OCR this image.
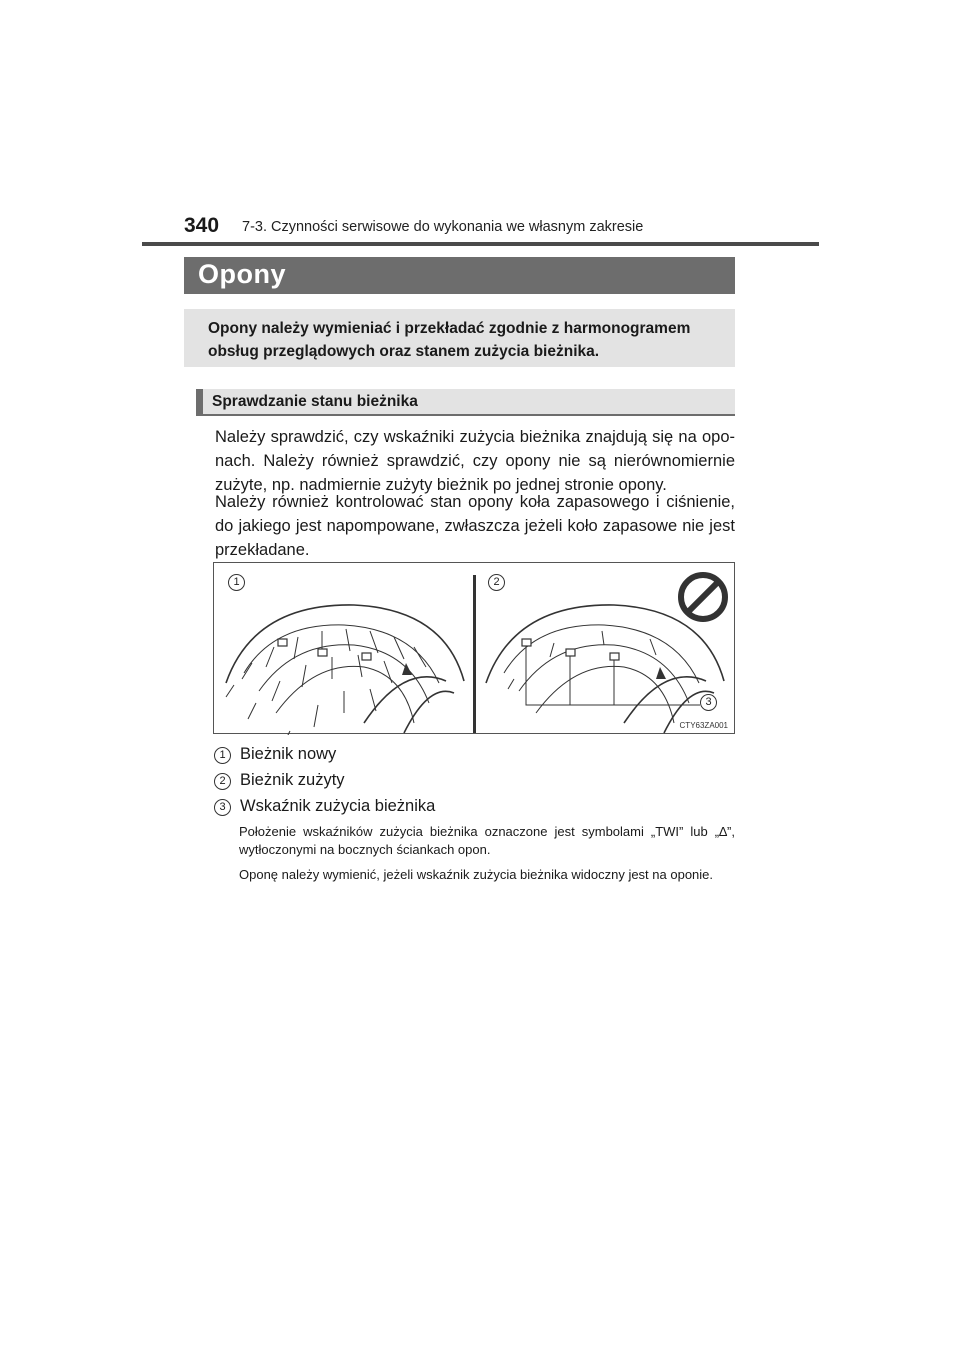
340 7-3. Czynności serwisowe do wykonania we własnym zakresie
Opony
Opony należy wymieniać i przekładać zgodnie z harmonogramem obsług przeglądowych oraz stanem zużycia bieżnika.
Sprawdzanie stanu bieżnika
Należy sprawdzić, czy wskaźniki zużycia bieżnika znajdują się na opo-nach. Należy również sprawdzić, czy opony nie są nierównomiernie zużyte, np. nadmiernie zużyty bieżnik po jednej stronie opony.
Należy również kontrolować stan opony koła zapasowego i ciśnienie, do jakiego jest napompowane, zwłaszcza jeżeli koło zapasowe nie jest przekładane.
1	2
3
CTY63ZA001
1 Bieżnik nowy
2 Bieżnik zużyty
3 Wskaźnik zużycia bieżnika
Położenie wskaźników zużycia bieżnika oznaczone jest symbolami „TWI” lub „∆”, wytłoczonymi na bocznych ściankach opon.
Oponę należy wymienić, jeżeli wskaźnik zużycia bieżnika widoczny jest na oponie.
